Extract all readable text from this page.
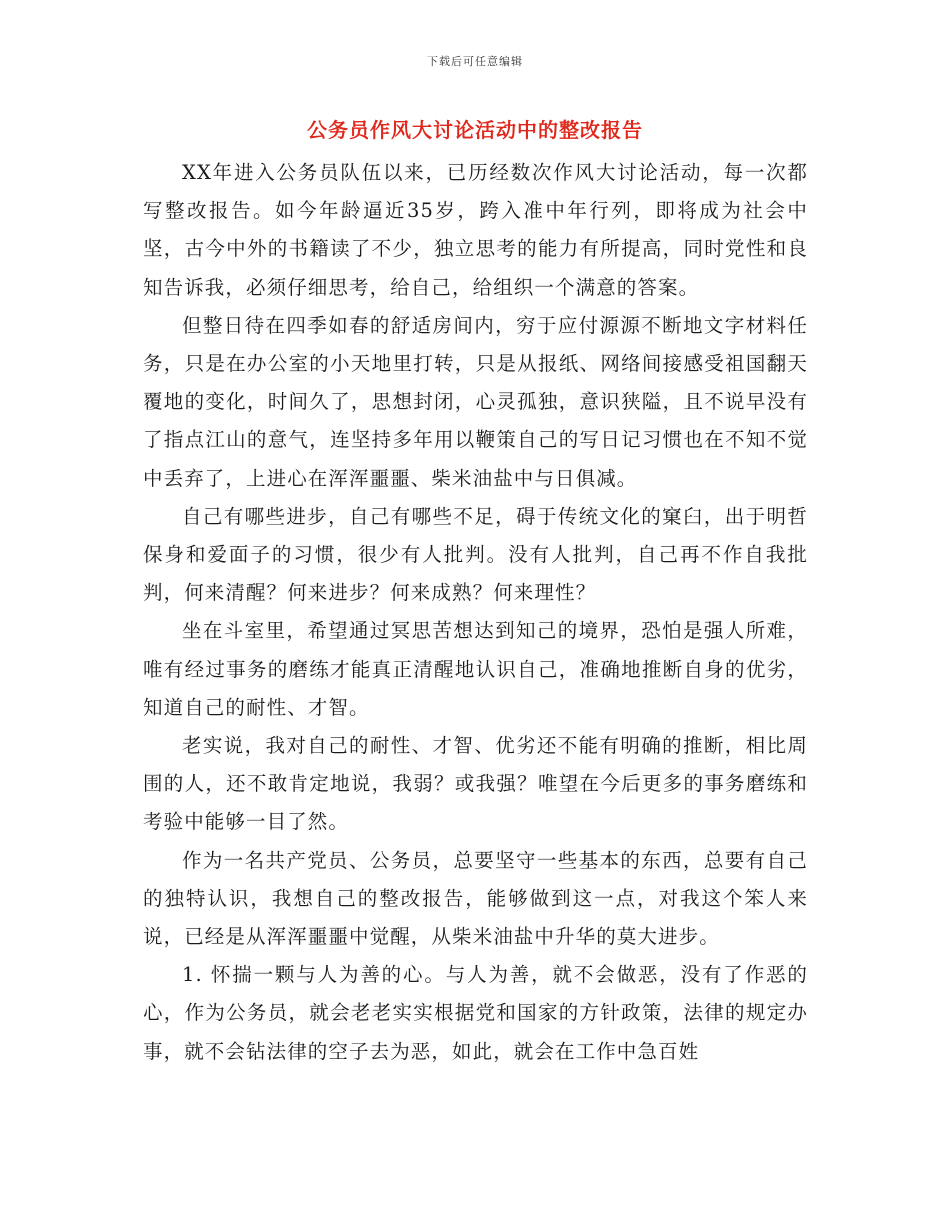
下载后可任意编辑
公务员作风大讨论活动中的整改报告

XX年进入公务员队伍以来，已历经数次作风大讨论活动，每一次都写整改报告。如今年龄逼近35岁，跨入准中年行列，即将成为社会中坚，古今中外的书籍读了不少，独立思考的能力有所提高，同时党性和良知告诉我，必须仔细思考，给自己，给组织一个满意的答案。

但整日待在四季如春的舒适房间内，穷于应付源源不断地文字材料任务，只是在办公室的小天地里打转，只是从报纸、网络间接感受祖国翻天覆地的变化，时间久了，思想封闭，心灵孤独，意识狭隘，且不说早没有了指点江山的意气，连坚持多年用以鞭策自己的写日记习惯也在不知不觉中丢弃了，上进心在浑浑噩噩、柴米油盐中与日俱减。

自己有哪些进步，自己有哪些不足，碍于传统文化的窠臼，出于明哲保身和爱面子的习惯，很少有人批判。没有人批判，自己再不作自我批判，何来清醒？何来进步？何来成熟？何来理性？

坐在斗室里，希望通过冥思苦想达到知己的境界，恐怕是强人所难，唯有经过事务的磨练才能真正清醒地认识自己，准确地推断自身的优劣，知道自己的耐性、才智。

老实说，我对自己的耐性、才智、优劣还不能有明确的推断，相比周围的人，还不敢肯定地说，我弱？或我强？唯望在今后更多的事务磨练和考验中能够一目了然。

作为一名共产党员、公务员，总要坚守一些基本的东西，总要有自己的独特认识，我想自己的整改报告，能够做到这一点，对我这个笨人来说，已经是从浑浑噩噩中觉醒，从柴米油盐中升华的莫大进步。

1. 怀揣一颗与人为善的心。与人为善，就不会做恶，没有了作恶的心，作为公务员，就会老老实实根据党和国家的方针政策，法律的规定办事，就不会钻法律的空子去为恶，如此，就会在工作中急百姓
